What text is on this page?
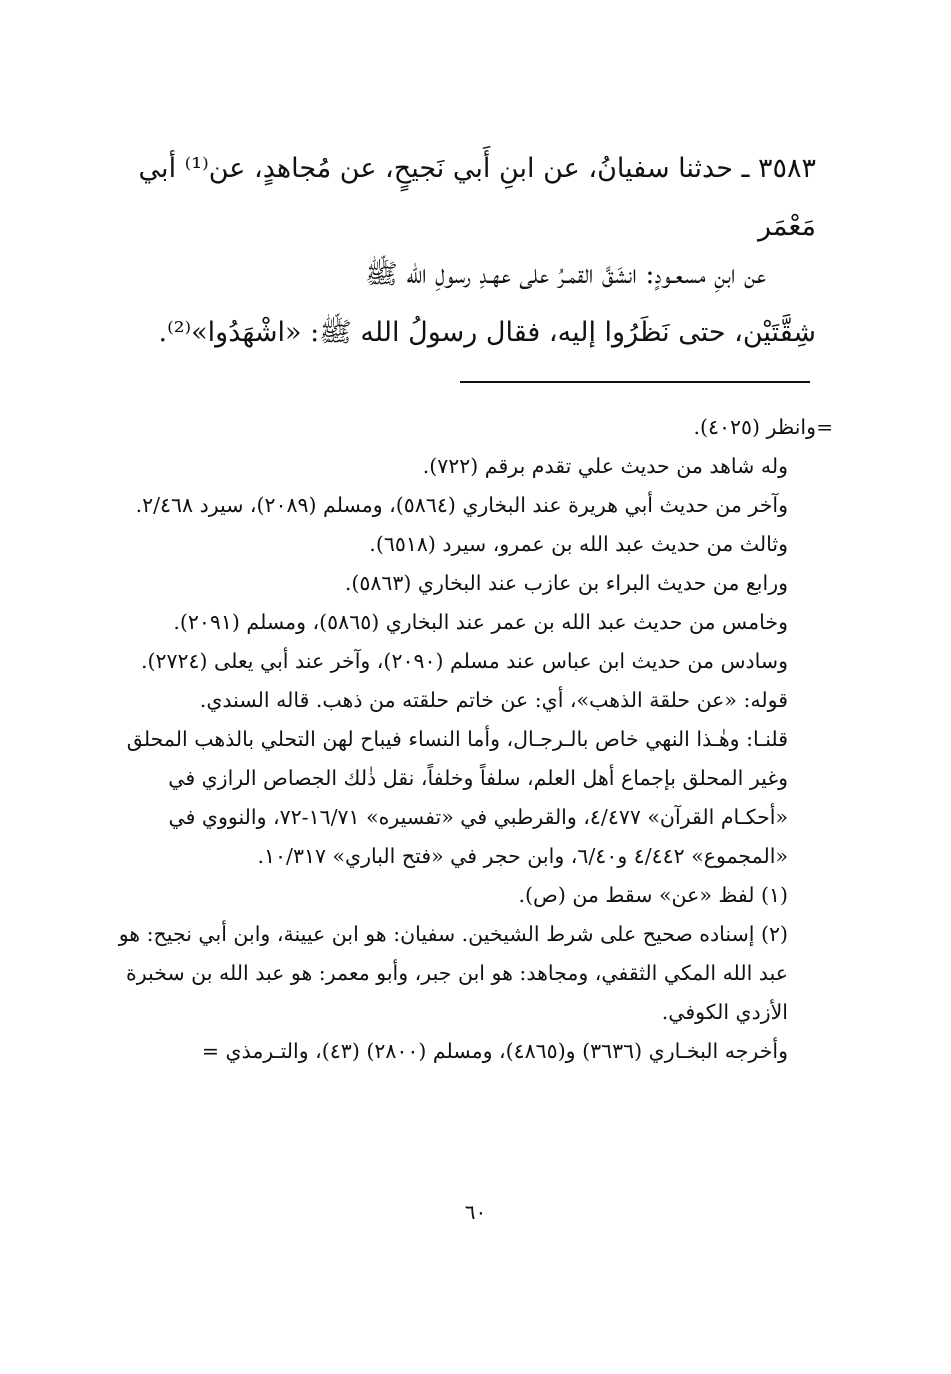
٣٥٨٣ ـ حدثنا سفيانُ، عن ابنِ أَبي نَجيحٍ، عن مُجاهدٍ، عن⁽¹⁾ أبي مَعْمَر

عن ابنِ مسعـودٍ: انشَقَّ القمـرُ على عهـدِ رسولِ الله ﷺ

شِقَّتَيْن، حتى نَظَرُوا إليه، فقال رسولُ الله ﷺ: «اشْهَدُوا»⁽²⁾.

=

وانظر (٤٠٢٥).

وله شاهد من حديث علي تقدم برقم (٧٢٢).

وآخر من حديث أبي هريرة عند البخاري (٥٨٦٤)، ومسلم (٢٠٨٩)، سيرد ٢/٤٦٨.

وثالث من حديث عبد الله بن عمرو، سيرد (٦٥١٨).

ورابع من حديث البراء بن عازب عند البخاري (٥٨٦٣).

وخامس من حديث عبد الله بن عمر عند البخاري (٥٨٦٥)، ومسلم (٢٠٩١).

وسادس من حديث ابن عباس عند مسلم (٢٠٩٠)، وآخر عند أبي يعلى (٢٧٢٤).

قوله: «عن حلقة الذهب»، أي: عن خاتم حلقته من ذهب. قاله السندي.

قلنـا: وهٰـذا النهي خاص بالـرجـال، وأما النساء فيباح لهن التحلي بالذهب المحلق وغير المحلق بإجماع أهل العلم، سلفاً وخلفاً، نقل ذٰلك الجصاص الرازي في «أحكـام القرآن» ٤/٤٧٧، والقرطبي في «تفسيره» ١٦/٧١-٧٢، والنووي في «المجموع» ٤/٤٤٢ و٦/٤٠، وابن حجر في «فتح الباري» ١٠/٣١٧.

(١) لفظ «عن» سقط من (ص).

(٢) إسناده صحيح على شرط الشيخين. سفيان: هو ابن عيينة، وابن أبي نجيح: هو عبد الله المكي الثقفي، ومجاهد: هو ابن جبر، وأبو معمر: هو عبد الله بن سخبرة الأزدي الكوفي.

وأخرجه البخـاري (٣٦٣٦) و(٤٨٦٥)، ومسلم (٢٨٠٠) (٤٣)، والتـرمذي =

٦٠
